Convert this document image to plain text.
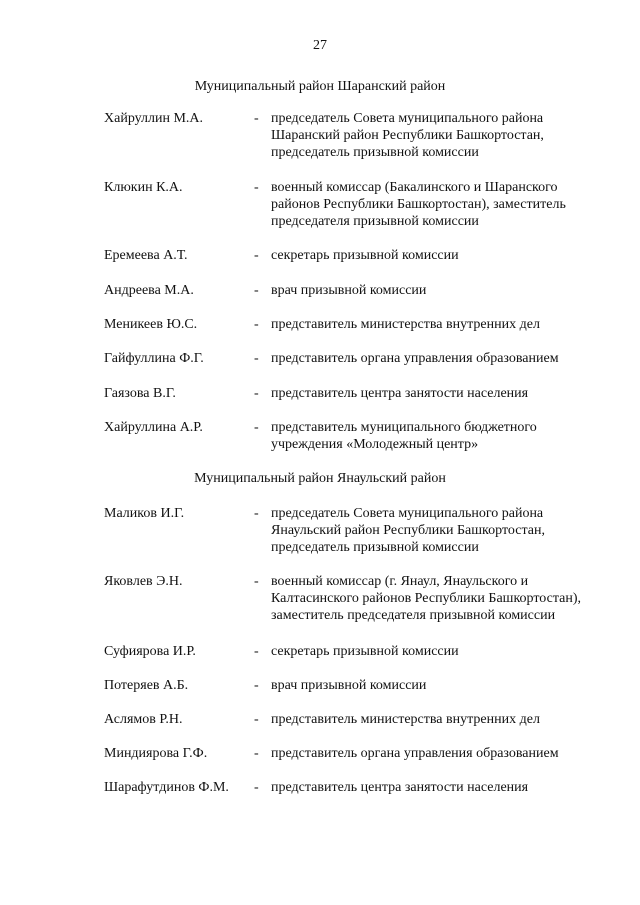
27
Муниципальный район Шаранский район
Хайруллин М.А.	- председатель Совета муниципального района
Шаранский район Республики Башкортостан,
председатель призывной комиссии
Клюкин К.А.	- военный комиссар (Бакалинского и Шаранского
районов Республики Башкортостан), заместитель
председателя призывной комиссии
Еремеева А.Т.	- секретарь призывной комиссии
Андреева М.А.	- врач призывной комиссии
Меникеев Ю.С.	- представитель министерства внутренних дел
Гайфуллина Ф.Г.	- представитель органа управления образованием
Гаязова В.Г.	- представитель центра занятости населения
Хайруллина А.Р.	- представитель муниципального бюджетного
учреждения «Молодежный центр»
Муниципальный район Янаульский район
Маликов И.Г.	- председатель Совета муниципального района
Янаульский район Республики Башкортостан,
председатель призывной комиссии
Яковлев Э.Н.	- военный комиссар (г. Янаул, Янаульского и
Калтасинского районов Республики Башкортостан),
заместитель председателя призывной комиссии
Суфиярова И.Р.	- секретарь призывной комиссии
Потеряев А.Б.	- врач призывной комиссии
Аслямов Р.Н.	- представитель министерства внутренних дел
Миндиярова Г.Ф.	- представитель органа управления образованием
Шарафутдинов Ф.М. - представитель центра занятости населения
